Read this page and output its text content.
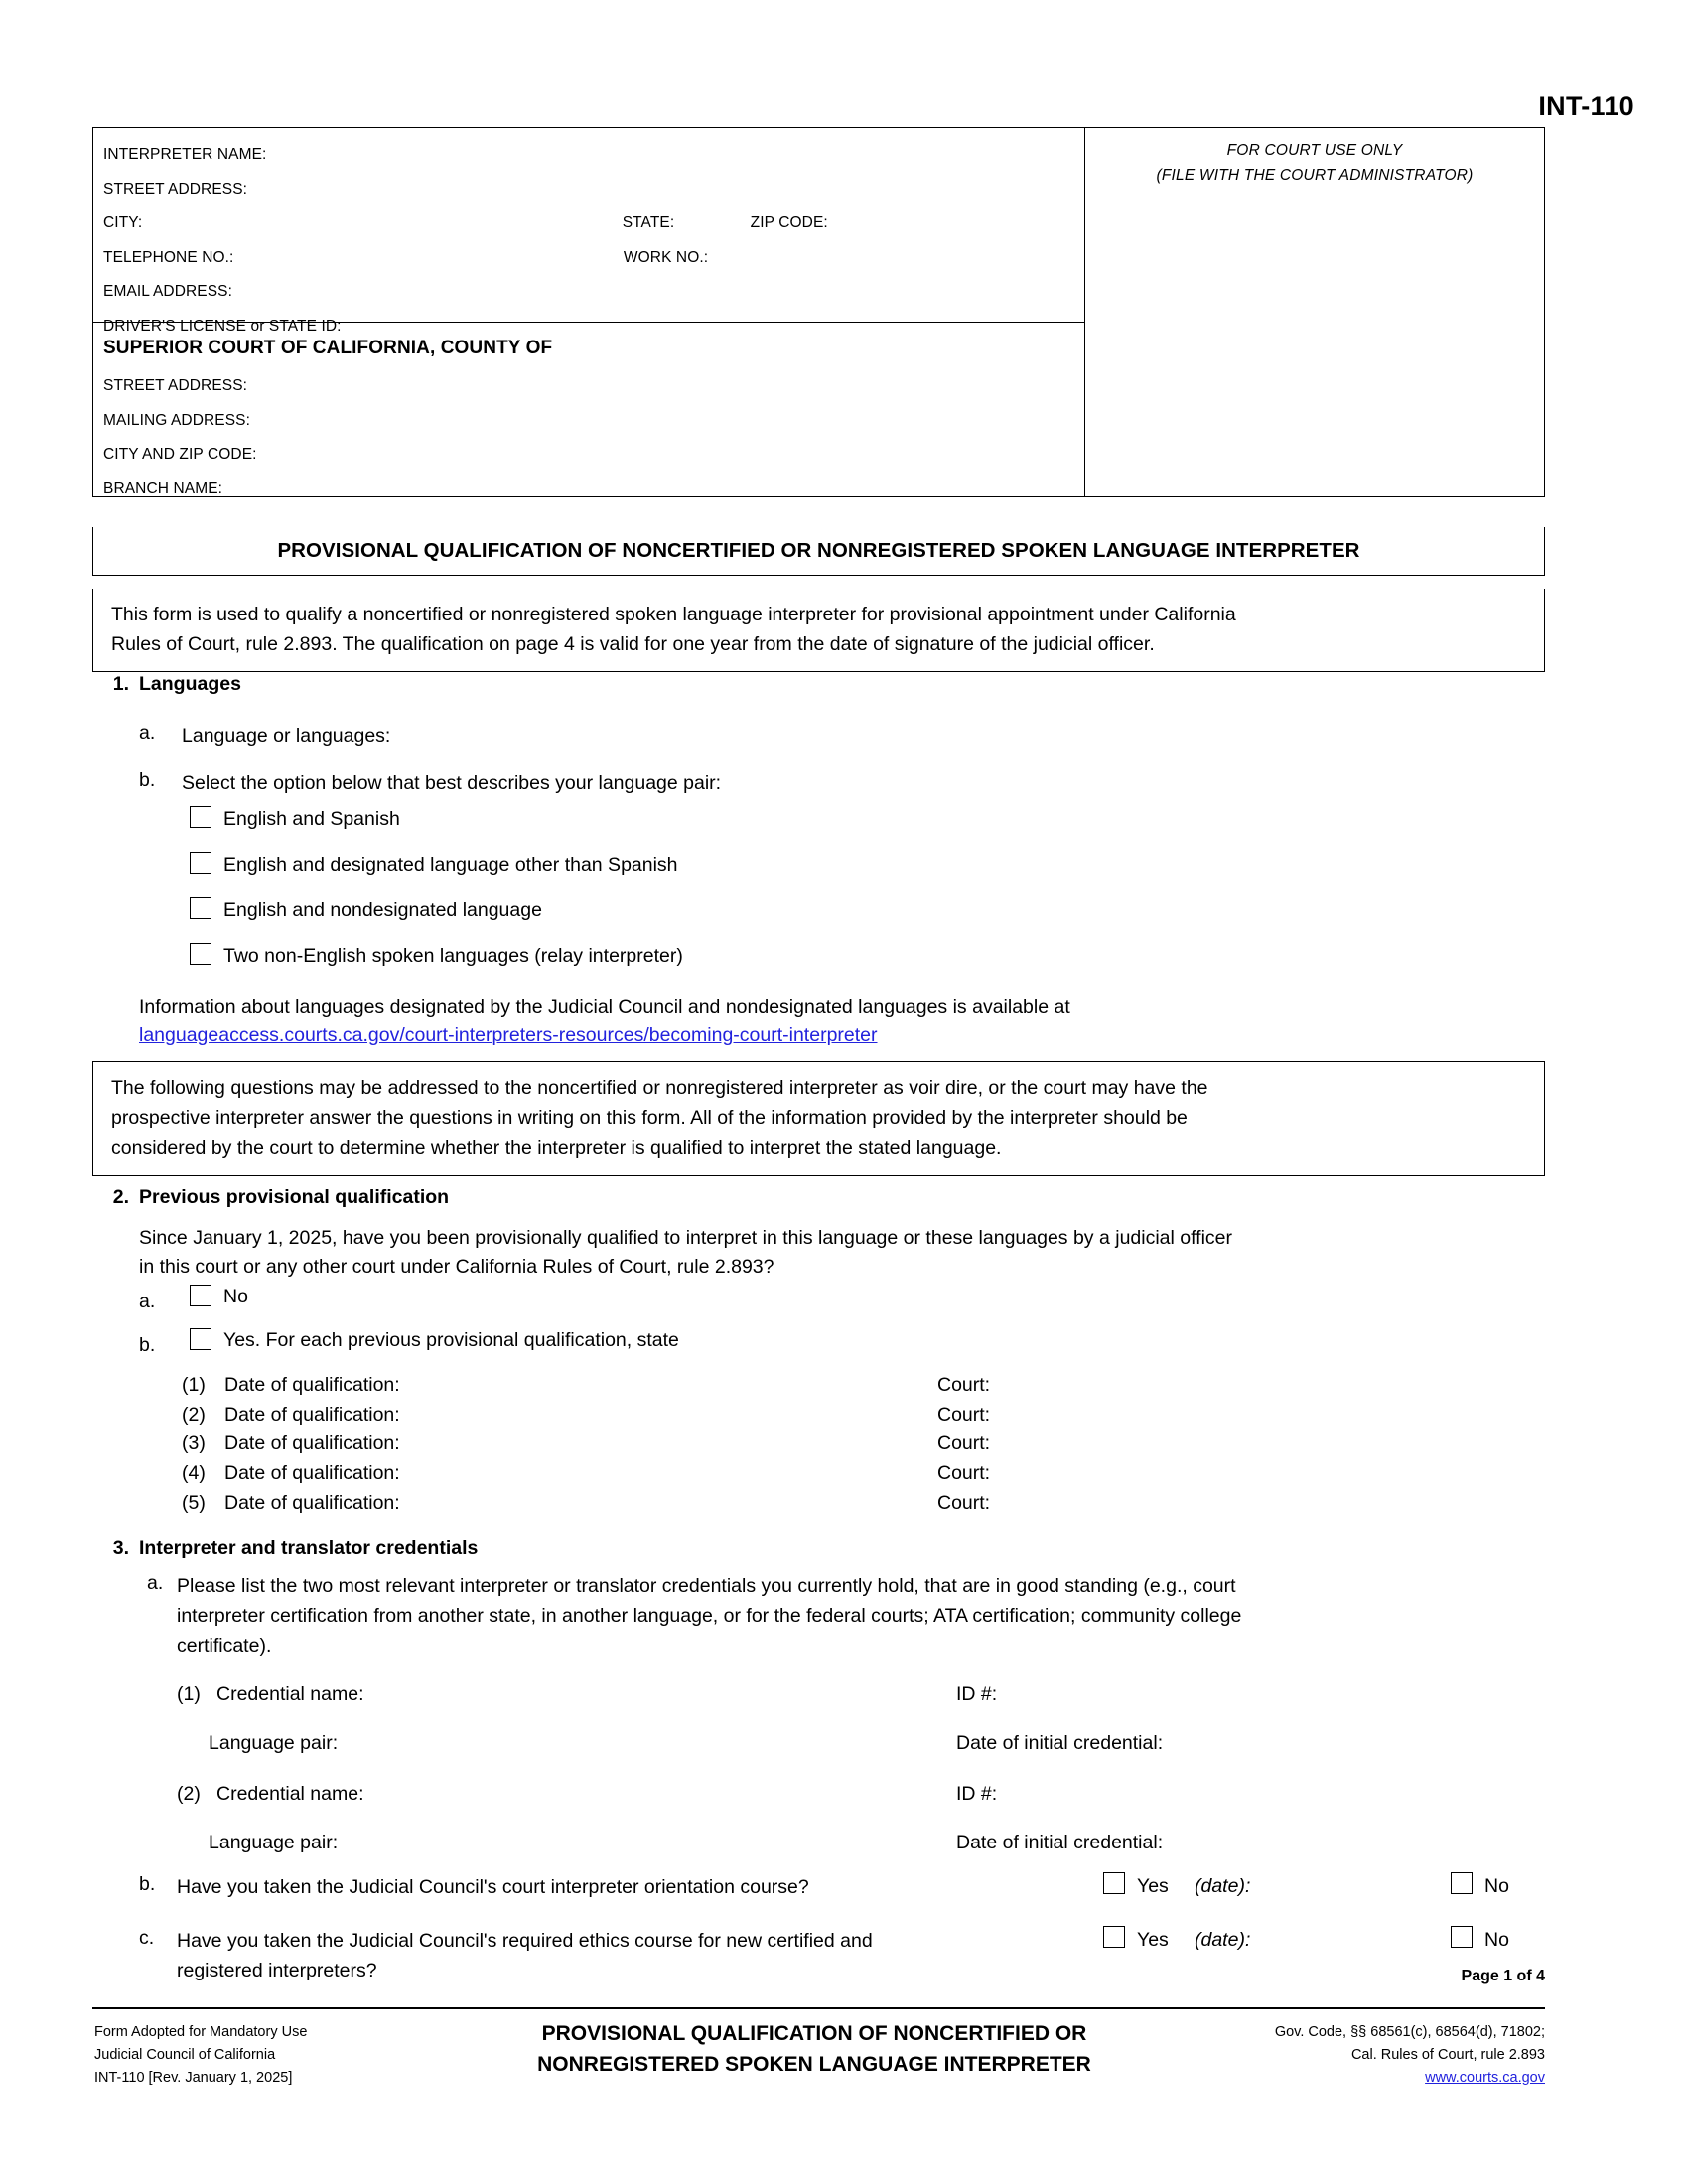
INT-110
INTERPRETER NAME:
STREET ADDRESS:
CITY:	STATE:	ZIP CODE:
TELEPHONE NO.:	WORK NO.:
EMAIL ADDRESS:
DRIVER'S LICENSE or STATE ID:
SUPERIOR COURT OF CALIFORNIA, COUNTY OF
STREET ADDRESS:
MAILING ADDRESS:
CITY AND ZIP CODE:
BRANCH NAME:
FOR COURT USE ONLY
(FILE WITH THE COURT ADMINISTRATOR)
PROVISIONAL QUALIFICATION OF NONCERTIFIED OR NONREGISTERED SPOKEN LANGUAGE INTERPRETER
This form is used to qualify a noncertified or nonregistered spoken language interpreter for provisional appointment under California
Rules of Court, rule 2.893. The qualification on page 4 is valid for one year from the date of signature of the judicial officer.
1. Languages
a.	Language or languages:
b.	Select the option below that best describes your language pair:
English and Spanish
English and designated language other than Spanish
English and nondesignated language
Two non-English spoken languages (relay interpreter)
Information about languages designated by the Judicial Council and nondesignated languages is available at
languageaccess.courts.ca.gov/court-interpreters-resources/becoming-court-interpreter
The following questions may be addressed to the noncertified or nonregistered interpreter as voir dire, or the court may have the
prospective interpreter answer the questions in writing on this form. All of the information provided by the interpreter should be
considered by the court to determine whether the interpreter is qualified to interpret the stated language.
2. Previous provisional qualification
Since January 1, 2025, have you been provisionally qualified to interpret in this language or these languages by a judicial officer
in this court or any other court under California Rules of Court, rule 2.893?
a.	No
b.	Yes. For each previous provisional qualification, state
(1) Date of qualification:	Court:
(2) Date of qualification:	Court:
(3) Date of qualification:	Court:
(4) Date of qualification:	Court:
(5) Date of qualification:	Court:
3. Interpreter and translator credentials
a. Please list the two most relevant interpreter or translator credentials you currently hold, that are in good standing (e.g., court
interpreter certification from another state, in another language, or for the federal courts; ATA certification; community college
certificate).
(1) Credential name:	ID #:
Language pair:	Date of initial credential:
(2) Credential name:	ID #:
Language pair:	Date of initial credential:
b.	Have you taken the Judicial Council's court interpreter orientation course?	Yes (date):	No
c.	Have you taken the Judicial Council's required ethics course for new certified and
registered interpreters?
Yes (date):	No
Page 1 of 4
Form Adopted for Mandatory Use
Judicial Council of California
INT-110 [Rev. January 1, 2025]
PROVISIONAL QUALIFICATION OF NONCERTIFIED OR
NONREGISTERED SPOKEN LANGUAGE INTERPRETER
Gov. Code, §§ 68561(c), 68564(d), 71802;
Cal. Rules of Court, rule 2.893
www.courts.ca.gov
